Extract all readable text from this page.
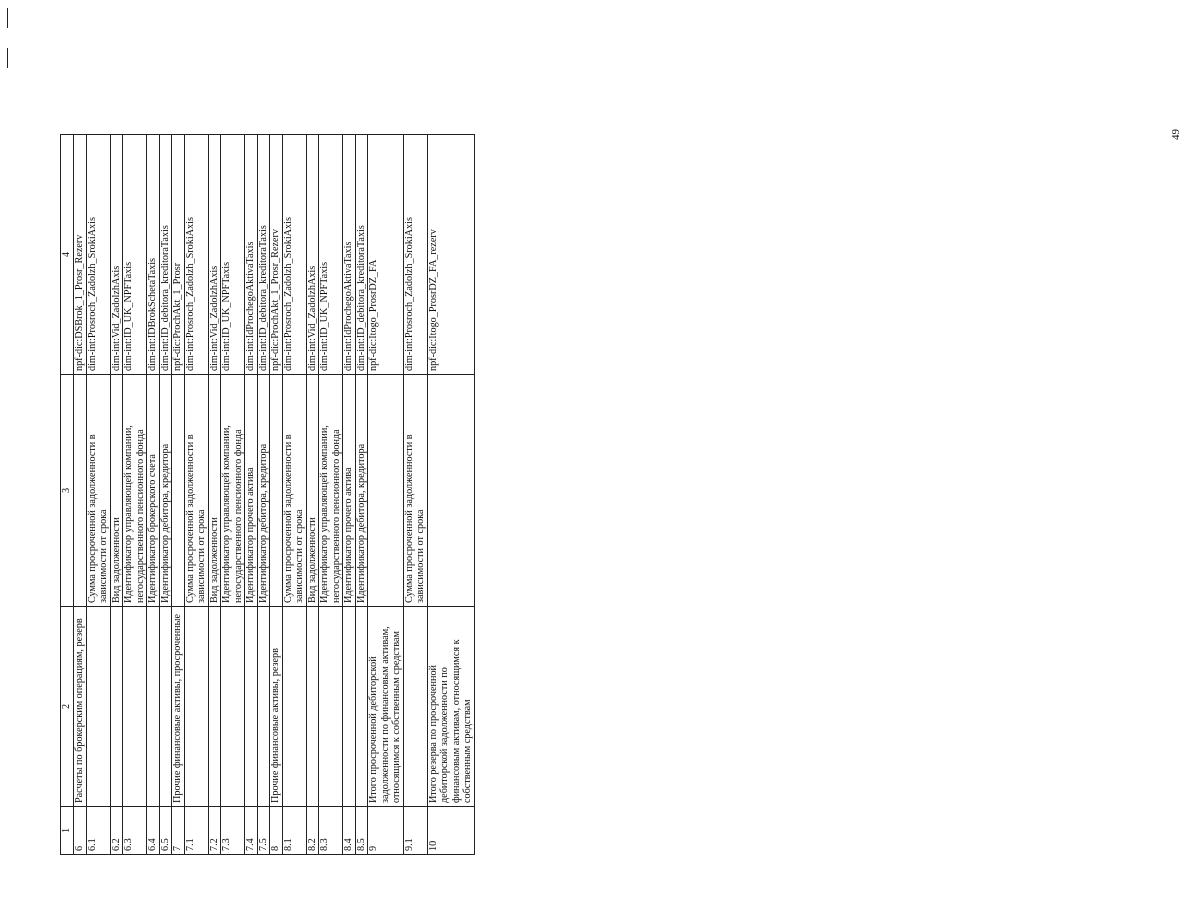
49
1	2	3	4
6	Расчеты по брокерским операциям, резерв		npf-dic:DSBrok_1_Prosr_Rezerv
6.1		Сумма просроченной задолженности в зависимости от срока	dim-int:Prosroch_Zadolzh_SrokiAxis
6.2		Вид задолженности	dim-int:Vid_ZadolzhAxis
6.3		Идентификатор управляющей компании, негосударственного пенсионного фонда	dim-int:ID_UK_NPFTaxis
6.4		Идентификатор брокерского счета	dim-int:IDBrokSchetaTaxis
6.5		Идентификатор дебитора, кредитора	dim-int:ID_debitora_kreditoraTaxis
7	Прочие финансовые активы, просроченные		npf-dic:ProchAkt_1_Prosr
7.1		Сумма просроченной задолженности в зависимости от срока	dim-int:Prosroch_Zadolzh_SrokiAxis
7.2		Вид задолженности	dim-int:Vid_ZadolzhAxis
7.3		Идентификатор управляющей компании, негосударственного пенсионного фонда	dim-int:ID_UK_NPFTaxis
7.4		Идентификатор прочего актива	dim-int:IdProchegoAktivaTaxis
7.5		Идентификатор дебитора, кредитора	dim-int:ID_debitora_kreditoraTaxis
8	Прочие финансовые активы, резерв		npf-dic:ProchAkt_1_Prosr_Rezerv
8.1		Сумма просроченной задолженности в зависимости от срока	dim-int:Prosroch_Zadolzh_SrokiAxis
8.2		Вид задолженности	dim-int:Vid_ZadolzhAxis
8.3		Идентификатор управляющей компании, негосударственного пенсионного фонда	dim-int:ID_UK_NPFTaxis
8.4		Идентификатор прочего актива	dim-int:IdProchegoAktivaTaxis
8.5		Идентификатор дебитора, кредитора	dim-int:ID_debitora_kreditoraTaxis
9	Итого просроченной дебиторской задолженности по финансовым активам, относящимся к собственным средствам		npf-dic:Itogo_ProsrDZ_FA
9.1		Сумма просроченной задолженности в зависимости от срока	dim-int:Prosroch_Zadolzh_SrokiAxis
10	Итого резерва по просроченной дебиторской задолженности по финансовым активам, относящимся к собственным средствам		npf-dic:Itogo_ProsrDZ_FA_rezerv
